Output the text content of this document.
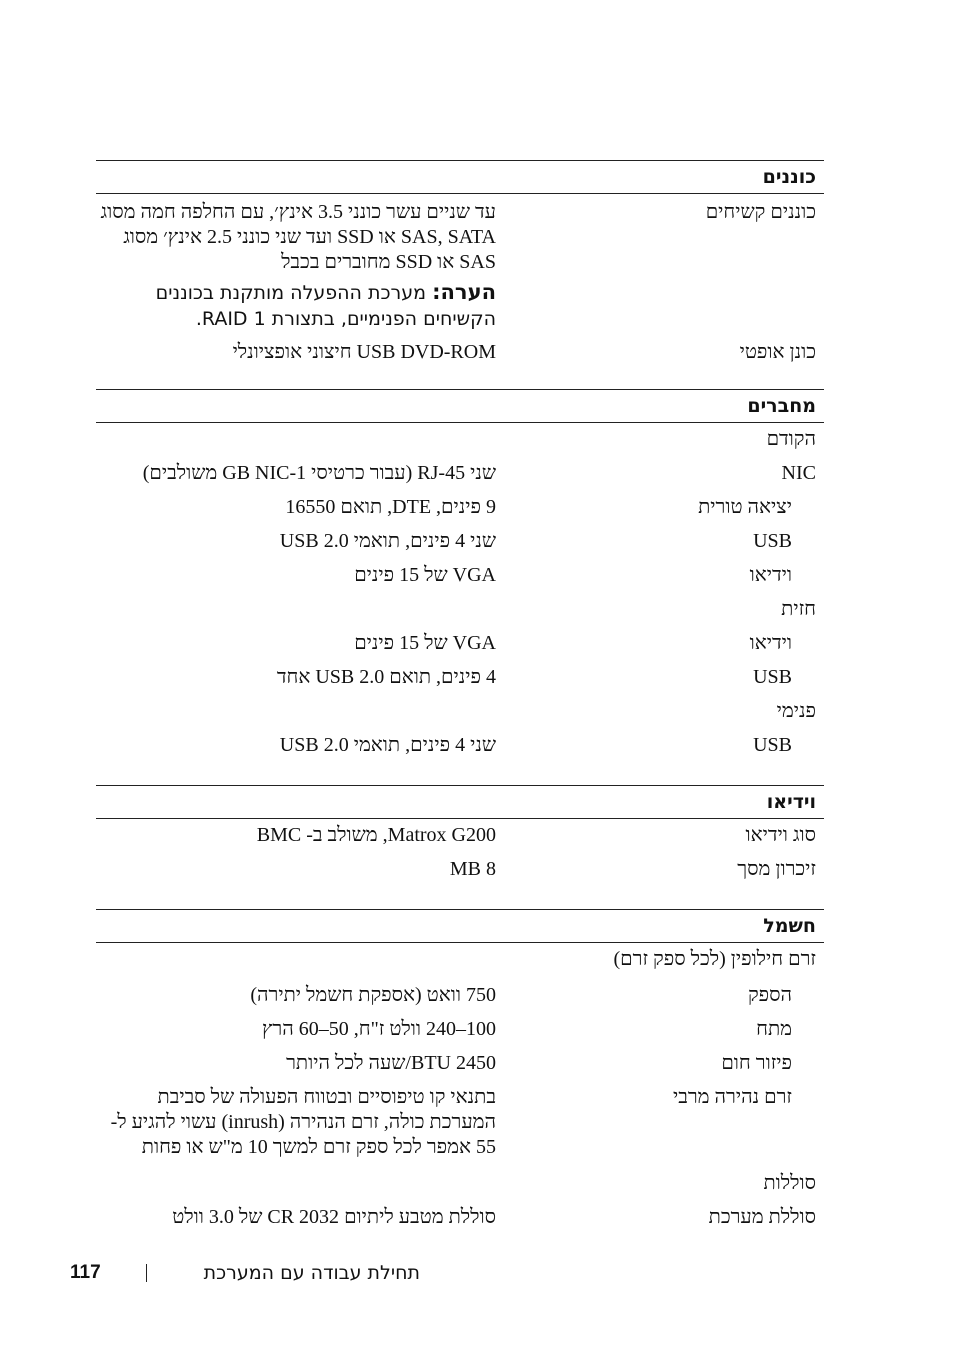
כוננים
כוננים קשיחים
עד שניים עשר כונני 3.5 אינץ׳, עם החלפה חמה מסוג SAS, SATA או SSD ועד שני כונני 2.5 אינץ׳ מסוג SAS או SSD מחוברים בכבל
הערה: מערכת ההפעלה מותקנת בכוננים הקשיחים הפנימיים, בתצורת RAID 1.
כונן אופטי
USB DVD-ROM חיצוני אופציונלי
מחברים
הקודם
NIC
שני RJ-45 (עבור כרטיסי 1-GB NIC משולבים)
יציאה טורית
9 פינים, DTE, תואם 16550
USB
שני 4 פינים, תואמי USB 2.0
וידיאו
VGA של 15 פינים
חזית
וידיאו
VGA של 15 פינים
USB
4 פינים, תואם USB 2.0 אחד
פנימי
USB
שני 4 פינים, תואמי USB 2.0
וידיאו
סוג וידיאו
Matrox G200, משולב ב- BMC
זיכרון מסך
8 MB
חשמל
זרם חילופין (לכל ספק זרם)
הספק
750 וואט (אספקת חשמל יתירה)
מתח
100–240 וולט ז"ח, 50–60 הרץ
פיזור חום
2450 BTU/שעה לכל היותר
זרם נהירה מרבי
בתנאי קו טיפוסיים ובטווח הפעולה של סביבת המערכת כולה, זרם הנהירה (inrush) עשוי להגיע ל- 55 אמפר לכל ספק זרם למשך 10 מ"ש או פחות
סוללות
סוללת מערכת
סוללת מטבע ליתיום CR 2032 של 3.0 וולט
117	תחילת עבודה עם המערכת
